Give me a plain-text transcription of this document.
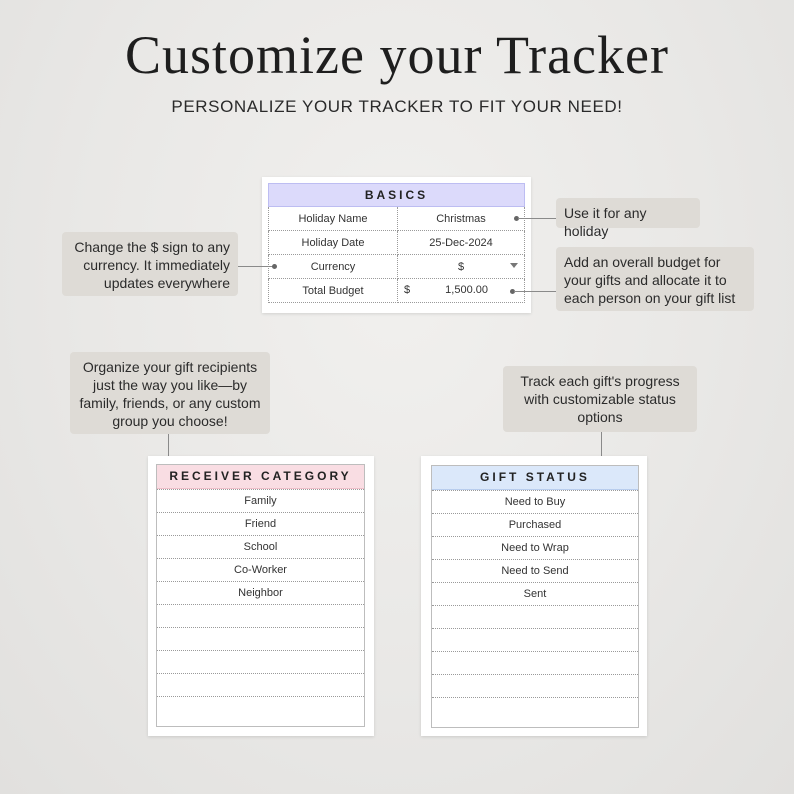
Customize your Tracker
PERSONALIZE YOUR TRACKER TO FIT YOUR NEED!
BASICS	
Holiday Name	Christmas
Holiday Date	25-Dec-2024
Currency	$

Total Budget	$ 1,500.00
Use it for any holiday
Change the $ sign to any currency. It immediately updates everywhere
Add an overall budget for your gifts and allocate it to each person on your gift list
Organize your gift recipients just the way you like—by family, friends, or any custom group you choose!
Track each gift's progress with customizable status options
RECEIVER CATEGORY
Family
Friend
School
Co-Worker
Neighbor
GIFT STATUS
Need to Buy
Purchased
Need to Wrap
Need to Send
Sent
